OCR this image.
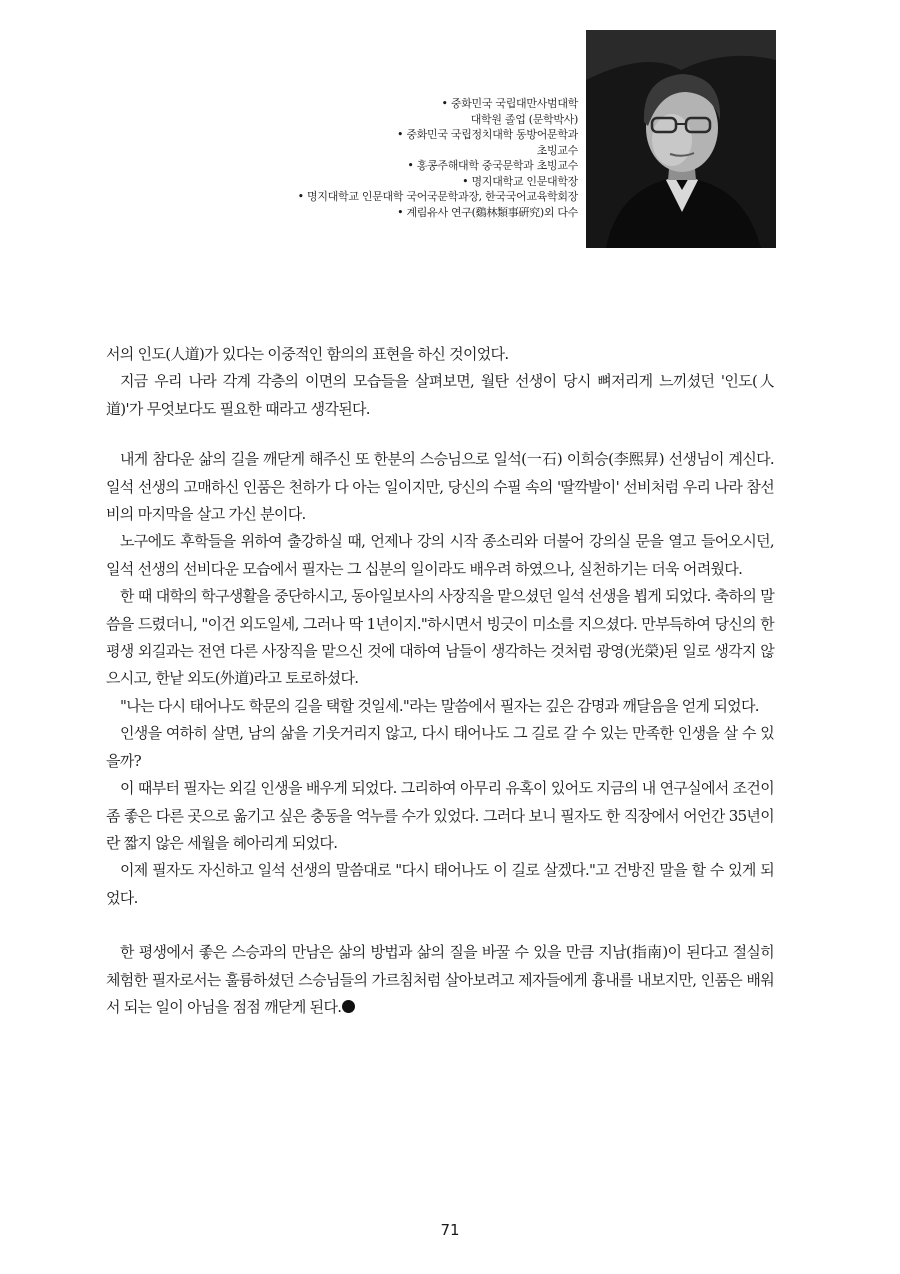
• 중화민국 국립대만사범대학
대학원 졸업 (문학박사)
• 중화민국 국립정치대학 동방어문학과
초빙교수
• 홍콩주해대학 중국문학과 초빙교수
• 명지대학교 인문대학장
• 명지대학교 인문대학 국어국문학과장, 한국국어교육학회장
• 계림유사 연구(鷄林類事硏究)외 다수

서의 인도(人道)가 있다는 이중적인 함의의 표현을 하신 것이었다.

지금 우리 나라 각계 각층의 이면의 모습들을 살펴보면, 월탄 선생이 당시 뼈저리게 느끼셨던 '인도(人道)'가 무엇보다도 필요한 때라고 생각된다.

내게 참다운 삶의 길을 깨닫게 해주신 또 한분의 스승님으로 일석(一石) 이희승(李熙昇) 선생님이 계신다. 일석 선생의 고매하신 인품은 천하가 다 아는 일이지만, 당신의 수필 속의 '딸깍발이' 선비처럼 우리 나라 참선비의 마지막을 살고 가신 분이다.

노구에도 후학들을 위하여 출강하실 때, 언제나 강의 시작 종소리와 더불어 강의실 문을 열고 들어오시던, 일석 선생의 선비다운 모습에서 필자는 그 십분의 일이라도 배우려 하였으나, 실천하기는 더욱 어려웠다.

한 때 대학의 학구생활을 중단하시고, 동아일보사의 사장직을 맡으셨던 일석 선생을 뵙게 되었다. 축하의 말씀을 드렸더니, "이건 외도일세, 그러나 딱 1년이지."하시면서 빙긋이 미소를 지으셨다. 만부득하여 당신의 한평생 외길과는 전연 다른 사장직을 맡으신 것에 대하여 남들이 생각하는 것처럼 광영(光榮)된 일로 생각지 않으시고, 한낱 외도(外道)라고 토로하셨다.

"나는 다시 태어나도 학문의 길을 택할 것일세."라는 말씀에서 필자는 깊은 감명과 깨달음을 얻게 되었다.

인생을 여하히 살면, 남의 삶을 기웃거리지 않고, 다시 태어나도 그 길로 갈 수 있는 만족한 인생을 살 수 있을까?

이 때부터 필자는 외길 인생을 배우게 되었다. 그리하여 아무리 유혹이 있어도 지금의 내 연구실에서 조건이 좀 좋은 다른 곳으로 옮기고 싶은 충동을 억누를 수가 있었다. 그러다 보니 필자도 한 직장에서 어언간 35년이란 짧지 않은 세월을 헤아리게 되었다.

이제 필자도 자신하고 일석 선생의 말씀대로 "다시 태어나도 이 길로 살겠다."고 건방진 말을 할 수 있게 되었다.

한 평생에서 좋은 스승과의 만남은 삶의 방법과 삶의 질을 바꿀 수 있을 만큼 지남(指南)이 된다고 절실히 체험한 필자로서는 훌륭하셨던 스승님들의 가르침처럼 살아보려고 제자들에게 흉내를 내보지만, 인품은 배워서 되는 일이 아님을 점점 깨닫게 된다.

71
